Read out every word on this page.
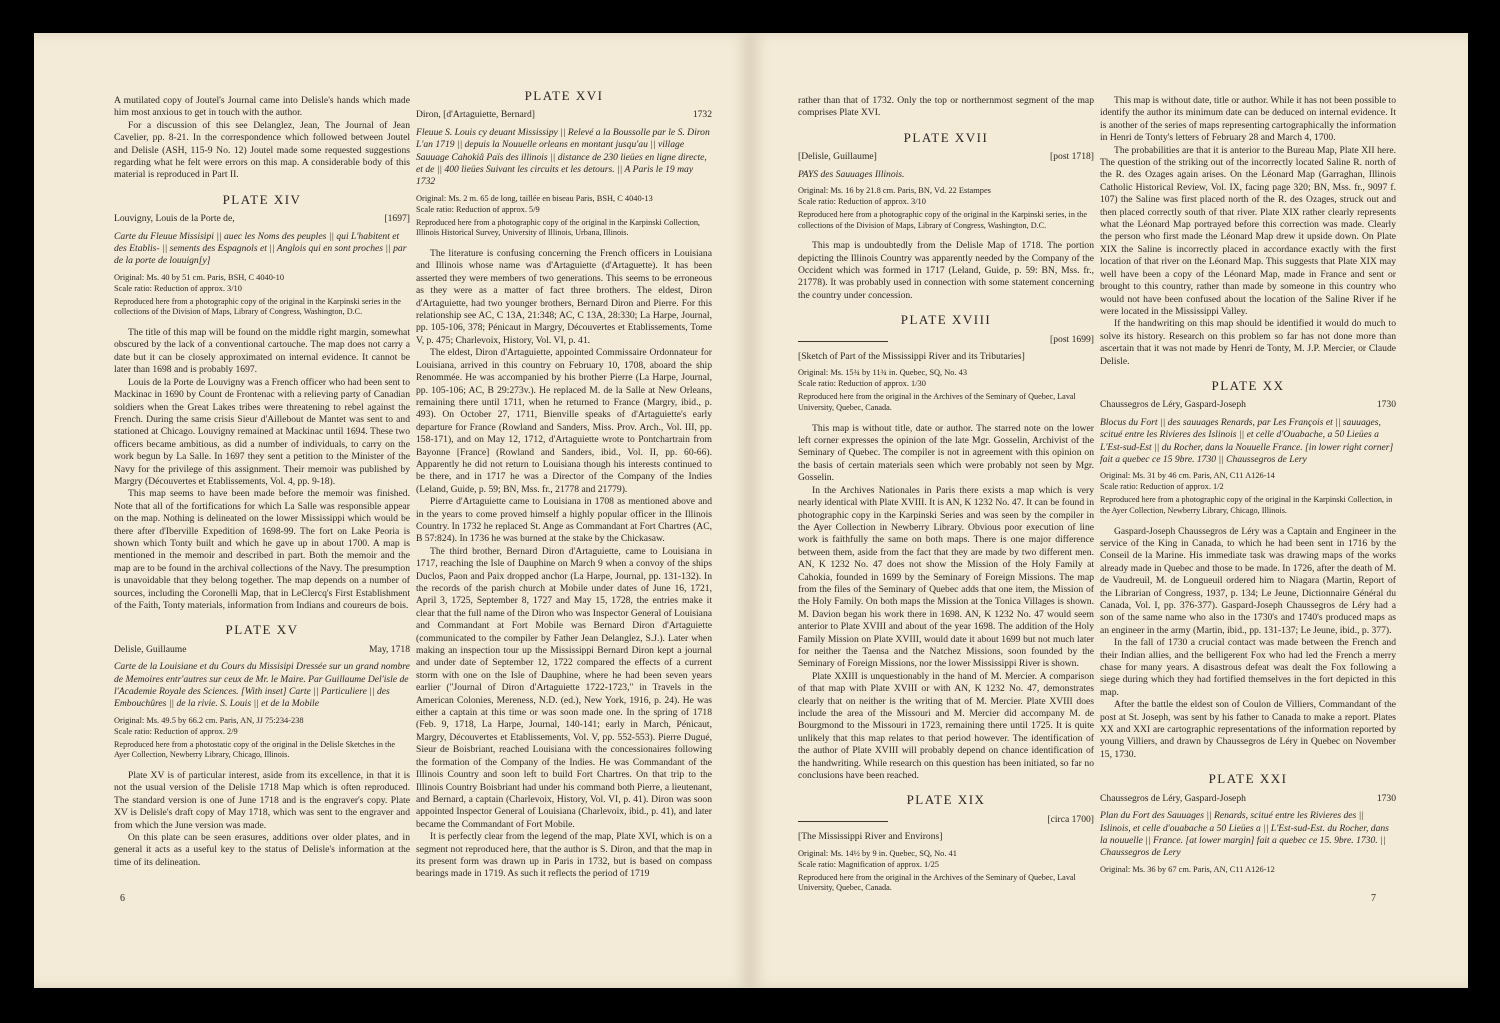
A mutilated copy of Joutel's Journal came into Delisle's hands which made him most anxious to get in touch with the author.

For a discussion of this see Delanglez, Jean, The Journal of Jean Cavelier, pp. 8-21. In the correspondence which followed between Joutel and Delisle (ASH, 115-9 No. 12) Joutel made some requested suggestions regarding what he felt were errors on this map. A considerable body of this material is reproduced in Part II.

PLATE XIV
Louvigny, Louis de la Porte de,	[1697]
Carte du Fleuue Missisipi || auec les Noms des peuples || qui L'habitent et des Etablis- || sements des Espagnols et || Anglois qui en sont proches || par de la porte de louuign[y]
Original: Ms. 40 by 51 cm. Paris, BSH, C 4040-10
Scale ratio: Reduction of approx. 3/10
Reproduced here from a photographic copy of the original in the Karpinski series in the collections of the Division of Maps, Library of Congress, Washington, D.C.

The title of this map will be found on the middle right margin, somewhat obscured by the lack of a conventional cartouche. The map does not carry a date but it can be closely approximated on internal evidence. It cannot be later than 1698 and is probably 1697.

Louis de la Porte de Louvigny was a French officer who had been sent to Mackinac in 1690 by Count de Frontenac with a relieving party of Canadian soldiers when the Great Lakes tribes were threatening to rebel against the French. During the same crisis Sieur d'Aillebout de Mantet was sent to and stationed at Chicago. Louvigny remained at Mackinac until 1694. These two officers became ambitious, as did a number of individuals, to carry on the work begun by La Salle. In 1697 they sent a petition to the Minister of the Navy for the privilege of this assignment. Their memoir was published by Margry (Découvertes et Etablissements, Vol. 4, pp. 9-18).

This map seems to have been made before the memoir was finished. Note that all of the fortifications for which La Salle was responsible appear on the map. Nothing is delineated on the lower Mississippi which would be there after d'Iberville Expedition of 1698-99. The fort on Lake Peoria is shown which Tonty built and which he gave up in about 1700. A map is mentioned in the memoir and described in part. Both the memoir and the map are to be found in the archival collections of the Navy. The presumption is unavoidable that they belong together. The map depends on a number of sources, including the Coronelli Map, that in LeClercq's First Establishment of the Faith, Tonty materials, information from Indians and coureurs de bois.

PLATE XV
Delisle, Guillaume	May, 1718
Carte de la Louisiane et du Cours du Missisipi Dressée sur un grand nombre de Memoires entr'autres sur ceux de Mr. le Maire. Par Guillaume Del'isle de l'Academie Royale des Sciences. [With inset] Carte || Particuliere || des Embouchûres || de la rivie. S. Louis || et de la Mobile
Original: Ms. 49.5 by 66.2 cm. Paris, AN, JJ 75:234-238
Scale ratio: Reduction of approx. 2/9
Reproduced here from a photostatic copy of the original in the Delisle Sketches in the Ayer Collection, Newberry Library, Chicago, Illinois.

Plate XV is of particular interest, aside from its excellence, in that it is not the usual version of the Delisle 1718 Map which is often reproduced. The standard version is one of June 1718 and is the engraver's copy. Plate XV is Delisle's draft copy of May 1718, which was sent to the engraver and from which the June version was made.

On this plate can be seen erasures, additions over older plates, and in general it acts as a useful key to the status of Delisle's information at the time of its delineation.

PLATE XVI
Diron, [d'Artaguiette, Bernard]	1732
Fleuue S. Louis cy deuant Mississipy || Relevé a la Boussolle par le S. Diron L'an 1719 || depuis la Nouuelle orleans en montant jusqu'au || village Sauuage Cahokiâ Païs des illinois || distance de 230 lieües en ligne directe, et de || 400 lieües Suivant les circuits et les detours. || A Paris le 19 may 1732
Original: Ms. 2 m. 65 de long, taillée en biseau Paris, BSH, C 4040-13
Scale ratio: Reduction of approx. 5/9
Reproduced here from a photographic copy of the original in the Karpinski Collection, Illinois Historical Survey, University of Illinois, Urbana, Illinois.

The literature is confusing concerning the French officers in Louisiana and Illinois whose name was d'Artaguiette (d'Artaguette). It has been asserted they were members of two generations. This seems to be erroneous as they were as a matter of fact three brothers. The eldest, Diron d'Artaguiette, had two younger brothers, Bernard Diron and Pierre. For this relationship see AC, C 13A, 21:348; AC, C 13A, 28:330; La Harpe, Journal, pp. 105-106, 378; Pénicaut in Margry, Découvertes et Etablissements, Tome V, p. 475; Charlevoix, History, Vol. VI, p. 41.

The eldest, Diron d'Artaguiette, appointed Commissaire Ordonnateur for Louisiana, arrived in this country on February 10, 1708, aboard the ship Renommée. He was accompanied by his brother Pierre (La Harpe, Journal, pp. 105-106; AC, B 29:273v.). He replaced M. de la Salle at New Orleans, remaining there until 1711, when he returned to France (Margry, ibid., p. 493). On October 27, 1711, Bienville speaks of d'Artaguiette's early departure for France (Rowland and Sanders, Miss. Prov. Arch., Vol. III, pp. 158-171), and on May 12, 1712, d'Artaguiette wrote to Pontchartrain from Bayonne [France] (Rowland and Sanders, ibid., Vol. II, pp. 60-66). Apparently he did not return to Louisiana though his interests continued to be there, and in 1717 he was a Director of the Company of the Indies (Leland, Guide, p. 59; BN, Mss. fr., 21778 and 21779).

Pierre d'Artaguiette came to Louisiana in 1708 as mentioned above and in the years to come proved himself a highly popular officer in the Illinois Country. In 1732 he replaced St. Ange as Commandant at Fort Chartres (AC, B 57:824). In 1736 he was burned at the stake by the Chickasaw.

The third brother, Bernard Diron d'Artaguiette, came to Louisiana in 1717, reaching the Isle of Dauphine on March 9 when a convoy of the ships Duclos, Paon and Paix dropped anchor (La Harpe, Journal, pp. 131-132). In the records of the parish church at Mobile under dates of June 16, 1721, April 3, 1725, September 8, 1727 and May 15, 1728, the entries make it clear that the full name of the Diron who was Inspector General of Louisiana and Commandant at Fort Mobile was Bernard Diron d'Artaguiette (communicated to the compiler by Father Jean Delanglez, S.J.). Later when making an inspection tour up the Mississippi Bernard Diron kept a journal and under date of September 12, 1722 compared the effects of a current storm with one on the Isle of Dauphine, where he had been seven years earlier ("Journal of Diron d'Artaguiette 1722-1723," in Travels in the American Colonies, Mereness, N.D. (ed.), New York, 1916, p. 24). He was either a captain at this time or was soon made one. In the spring of 1718 (Feb. 9, 1718, La Harpe, Journal, 140-141; early in March, Pénicaut, Margry, Découvertes et Etablissements, Vol. V, pp. 552-553). Pierre Dugué, Sieur de Boisbriant, reached Louisiana with the concessionaires following the formation of the Company of the Indies. He was Commandant of the Illinois Country and soon left to build Fort Chartres. On that trip to the Illinois Country Boisbriant had under his command both Pierre, a lieutenant, and Bernard, a captain (Charlevoix, History, Vol. VI, p. 41). Diron was soon appointed Inspector General of Louisiana (Charlevoix, ibid., p. 41), and later became the Commandant of Fort Mobile.

It is perfectly clear from the legend of the map, Plate XVI, which is on a segment not reproduced here, that the author is S. Diron, and that the map in its present form was drawn up in Paris in 1732, but is based on compass bearings made in 1719. As such it reflects the period of 1719

6

rather than that of 1732. Only the top or northernmost segment of the map comprises Plate XVI.

PLATE XVII
[Delisle, Guillaume]	[post 1718]
PAYS des Sauuages Illinois.
Original: Ms. 16 by 21.8 cm. Paris, BN, Vd. 22 Estampes
Scale ratio: Reduction of approx. 3/10
Reproduced here from a photographic copy of the original in the Karpinski series, in the collections of the Division of Maps, Library of Congress, Washington, D.C.

This map is undoubtedly from the Delisle Map of 1718. The portion depicting the Illinois Country was apparently needed by the Company of the Occident which was formed in 1717 (Leland, Guide, p. 59: BN, Mss. fr., 21778). It was probably used in connection with some statement concerning the country under concession.

PLATE XVIII
[post 1699]
[Sketch of Part of the Mississippi River and its Tributaries]
Original: Ms. 15¾ by 11¾ in. Quebec, SQ, No. 43
Scale ratio: Reduction of approx. 1/30
Reproduced here from the original in the Archives of the Seminary of Quebec, Laval University, Quebec, Canada.

This map is without title, date or author. The starred note on the lower left corner expresses the opinion of the late Mgr. Gosselin, Archivist of the Seminary of Quebec. The compiler is not in agreement with this opinion on the basis of certain materials seen which were probably not seen by Mgr. Gosselin.

In the Archives Nationales in Paris there exists a map which is very nearly identical with Plate XVIII. It is AN, K 1232 No. 47. It can be found in photographic copy in the Karpinski Series and was seen by the compiler in the Ayer Collection in Newberry Library. Obvious poor execution of line work is faithfully the same on both maps. There is one major difference between them, aside from the fact that they are made by two different men. AN, K 1232 No. 47 does not show the Mission of the Holy Family at Cahokia, founded in 1699 by the Seminary of Foreign Missions. The map from the files of the Seminary of Quebec adds that one item, the Mission of the Holy Family. On both maps the Mission at the Tonica Villages is shown. M. Davion began his work there in 1698. AN, K 1232 No. 47 would seem anterior to Plate XVIII and about of the year 1698. The addition of the Holy Family Mission on Plate XVIII, would date it about 1699 but not much later for neither the Taensa and the Natchez Missions, soon founded by the Seminary of Foreign Missions, nor the lower Mississippi River is shown.

Plate XXIII is unquestionably in the hand of M. Mercier. A comparison of that map with Plate XVIII or with AN, K 1232 No. 47, demonstrates clearly that on neither is the writing that of M. Mercier. Plate XVIII does include the area of the Missouri and M. Mercier did accompany M. de Bourgmond to the Missouri in 1723, remaining there until 1725. It is quite unlikely that this map relates to that period however. The identification of the author of Plate XVIII will probably depend on chance identification of the handwriting. While research on this question has been initiated, so far no conclusions have been reached.

PLATE XIX
[circa 1700]
[The Mississippi River and Environs]
Original: Ms. 14½ by 9 in. Quebec, SQ, No. 41
Scale ratio: Magnification of approx. 1/25
Reproduced here from the original in the Archives of the Seminary of Quebec, Laval University, Quebec, Canada.

This map is without date, title or author. While it has not been possible to identify the author its minimum date can be deduced on internal evidence. It is another of the series of maps representing cartographically the information in Henri de Tonty's letters of February 28 and March 4, 1700.

The probabilities are that it is anterior to the Bureau Map, Plate XII here. The question of the striking out of the incorrectly located Saline R. north of the R. des Ozages again arises. On the Léonard Map (Garraghan, Illinois Catholic Historical Review, Vol. IX, facing page 320; BN, Mss. fr., 9097 f. 107) the Saline was first placed north of the R. des Ozages, struck out and then placed correctly south of that river. Plate XIX rather clearly represents what the Léonard Map portrayed before this correction was made. Clearly the person who first made the Léonard Map drew it upside down. On Plate XIX the Saline is incorrectly placed in accordance exactly with the first location of that river on the Léonard Map. This suggests that Plate XIX may well have been a copy of the Léonard Map, made in France and sent or brought to this country, rather than made by someone in this country who would not have been confused about the location of the Saline River if he were located in the Mississippi Valley.

If the handwriting on this map should be identified it would do much to solve its history. Research on this problem so far has not done more than ascertain that it was not made by Henri de Tonty, M. J.P. Mercier, or Claude Delisle.

PLATE XX
Chaussegros de Léry, Gaspard-Joseph	1730
Blocus du Fort || des sauuages Renards, par Les François et || sauuages, scitué entre les Rivieres des Islinois || et celle d'Ouabache, a 50 Lieües a L'Est-sud-Est || du Rocher, dans la Nouuelle France. [in lower right corner] fait a quebec ce 15 9bre. 1730 || Chaussegros de Lery
Original: Ms. 31 by 46 cm. Paris, AN, C11 A126-14
Scale ratio: Reduction of approx. 1/2
Reproduced here from a photographic copy of the original in the Karpinski Collection, in the Ayer Collection, Newberry Library, Chicago, Illinois.

Gaspard-Joseph Chaussegros de Léry was a Captain and Engineer in the service of the King in Canada, to which he had been sent in 1716 by the Conseil de la Marine. His immediate task was drawing maps of the works already made in Quebec and those to be made. In 1726, after the death of M. de Vaudreuil, M. de Longueuil ordered him to Niagara (Martin, Report of the Librarian of Congress, 1937, p. 134; Le Jeune, Dictionnaire Général du Canada, Vol. I, pp. 376-377). Gaspard-Joseph Chaussegros de Léry had a son of the same name who also in the 1730's and 1740's produced maps as an engineer in the army (Martin, ibid., pp. 131-137; Le Jeune, ibid., p. 377).

In the fall of 1730 a crucial contact was made between the French and their Indian allies, and the belligerent Fox who had led the French a merry chase for many years. A disastrous defeat was dealt the Fox following a siege during which they had fortified themselves in the fort depicted in this map.

After the battle the eldest son of Coulon de Villiers, Commandant of the post at St. Joseph, was sent by his father to Canada to make a report. Plates XX and XXI are cartographic representations of the information reported by young Villiers, and drawn by Chaussegros de Léry in Quebec on November 15, 1730.

PLATE XXI
Chaussegros de Léry, Gaspard-Joseph	1730
Plan du Fort des Sauuages || Renards, scitué entre les Rivieres des || Islinois, et celle d'ouabache a 50 Lieües a || L'Est-sud-Est. du Rocher, dans la nouuelle || France. [at lower margin] fait a quebec ce 15. 9bre. 1730. || Chaussegros de Lery
Original: Ms. 36 by 67 cm. Paris, AN, C11 A126-12
7
